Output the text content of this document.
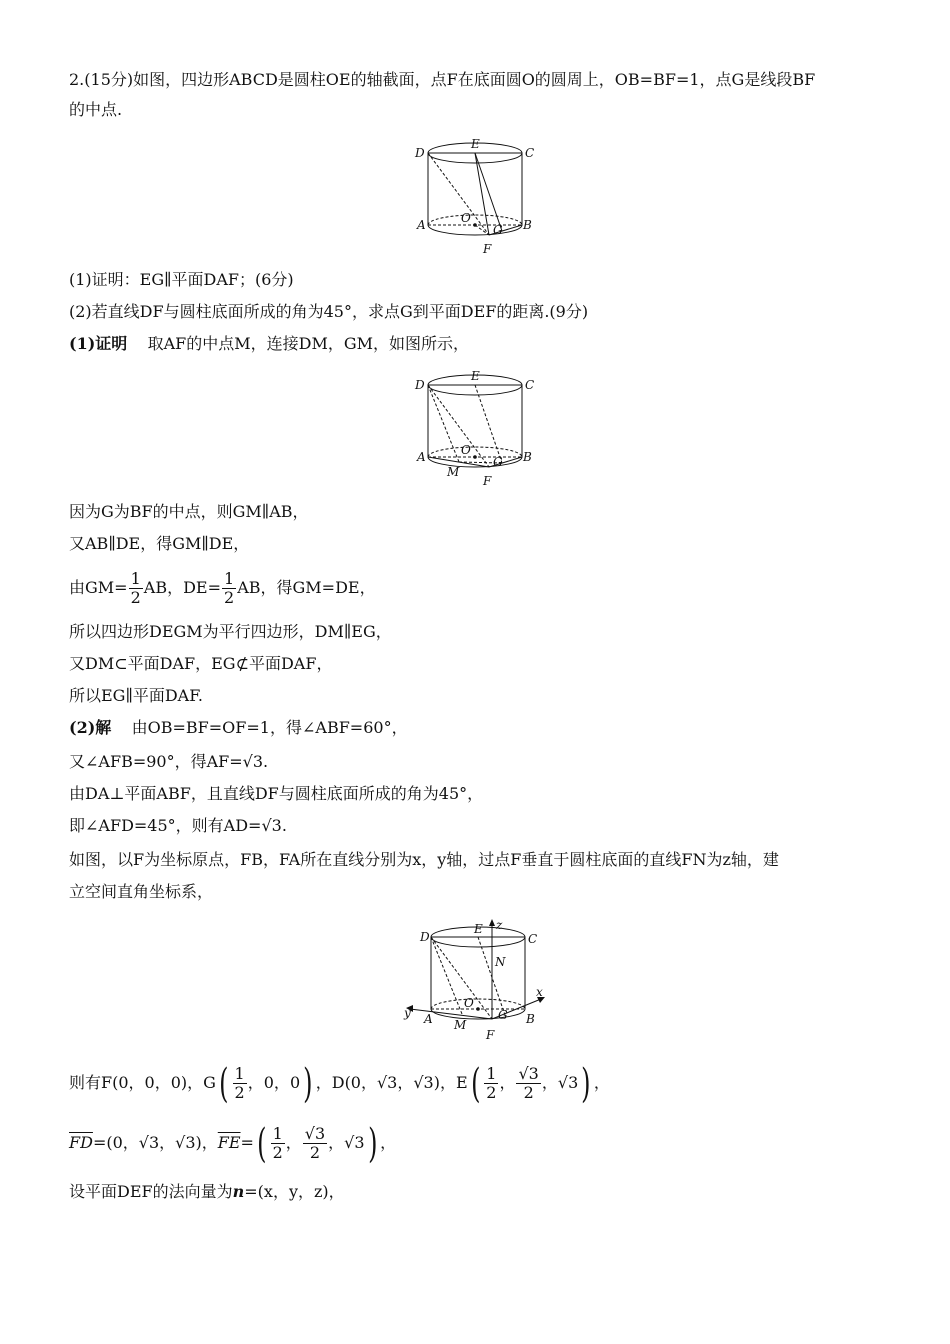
2.(15分)如图，四边形ABCD是圆柱OE的轴截面，点F在底面圆O的圆周上，OB=BF=1，点G是线段BF
的中点.
D
E
C
O
A	B
G
F
(1)证明：EG∥平面DAF；(6分)
(2)若直线DF与圆柱底面所成的角为45°，求点G到平面DEF的距离.(9分)
(1)证明 取AF的中点M，连接DM，GM，如图所示，
D
E
C
O
A	B
G
M
F
因为G为BF的中点，则GM∥AB，
又AB∥DE，得GM∥DE，
由$GM= \frac{1}{2}$ AB，$DE= \frac{1}{2}$ AB，得GM=DE，
所以四边形DEGM为平行四边形，DM∥EG，
又DM⊂平面DAF，EG⊄平面DAF，
所以EG∥平面DAF.
(2)解 由OB=BF=OF=1，得∠ABF=60°，
又∠AFB=90°，得AF=√3.
由DA⊥平面ABF，且直线DF与圆柱底面所成的角为45°，
即∠AFD=45°，则有AD=√3.
如图，以F为坐标原点，FB，FA所在直线分别为x，y轴，过点F垂直于圆柱底面的直线FN为z轴，建
立空间直角坐标系，
D
E
C
z
N
O
x
y A	B
G
M
F
则有F(0，0，0)，$G( \frac{1}{2}$ ，0，0) ，D(0，√3，√3)，$E( \frac{1}{2}$ ， $\frac{√3}{2}$ ，√3) ，
$\overline{FD}=(0$，√3，√3)，$\overline{FE}=( \frac{1}{2}$ ， $\frac{√3}{2}$ ，√3) ，
设平面DEF的法向量为n=(x，y，z)，
